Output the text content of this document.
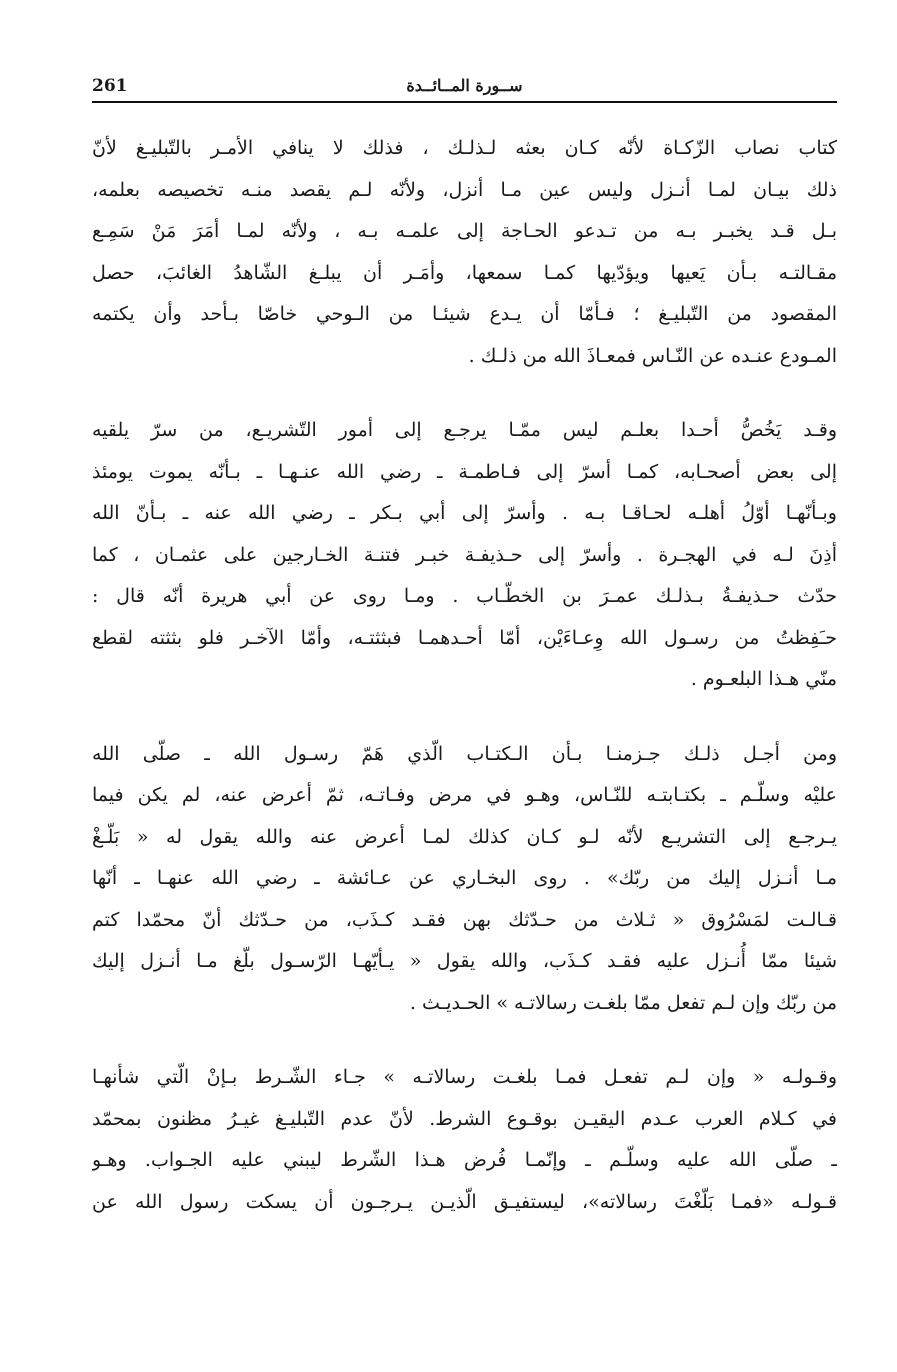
261	ســورة المــائــدة
كتاب نصاب الزّكـاة لأنّه كـان بعثه لـذلـك ، فذلك لا ينافي الأمـر بالتّبليـغ لأنّ
ذلك بيـان لمـا أنـزل وليس عين مـا أنزل، ولأنّه لـم يقصد منـه تخصيصه بعلمه،
بـل قـد يخبـر بـه من تـدعو الحـاجة إلى علمـه بـه ، ولأنّه لمـا أمَرَ مَنْ سَمِـع
مقـالتـه بـأن يَعيها ويؤدّيها كمـا سمعها، وأمَـر أن يبلـغ الشّاهدُ الغائبَ، حصل
المقصود من التّبليـغ ؛ فـأمّا أن يـدع شيئـا من الـوحي خاصّا بـأحد وأن يكتمه
المـودع عنـده عن النّـاس فمعـاذَ الله من ذلـك .
وقـد يَخُصُّ أحـدا بعلـم ليس ممّـا يرجـع إلى أمور التّشريـع، من سرّ يلقيه
إلى بعض أصحـابه، كمـا أسرّ إلى فـاطمـة ـ رضي الله عنـهـا ـ بـأنّه يموت يومئذ
وبـأنّهـا أوّلُ أهلـه لحـاقـا بـه . وأسرّ إلى أبي بـكر ـ رضي الله عنه ـ بـأنّ الله
أذِنَ لـه في الهجـرة . وأسرّ إلى حـذيفـة خبـر فتنـة الخـارجين على عثمـان ، كما
حدّث حـذيفـةُ بـذلـك عمـرَ بن الخطّـاب . ومـا روى عن أبي هريرة أنّه قال :
حـَفِظتُ من رسـول الله وِعـاءَيْن، أمّا أحـدهمـا فبثثتـه، وأمّا الآخـر فلو بثثته لقطع
منّي هـذا البلعـوم .
ومن أجـل ذلـك جـزمنـا بـأن الـكتـاب الّذي هَمّ رسـول الله ـ صلّى الله
عليْه وسلّـم ـ بكتـابتـه للنّـاس، وهـو في مرض وفـاتـه، ثمّ أعرض عنه، لم يكن فيما
يـرجـع إلى التشريـع لأنّه لـو كـان كذلك لمـا أعرض عنه والله يقول له « بَلّـغْ
مـا أنـزل إليك من ربّك» . روى البخـاري عن عـائشة ـ رضي الله عنهـا ـ أنّها
قـالـت لمَسْرُوق « ثـلاث من حـدّثك بهن فقـد كـذَب، من حـدّثك أنّ محمّدا كتم
شيئا ممّا أُنـزل عليه فقـد كـذَب، والله يقول « يـأيّهـا الرّسـول بلّغ مـا أنـزل إليك
من ربّك وإن لـم تفعل ممّا بلغـت رسالاتـه » الحـديـث .
وقـولـه « وإن لـم تفعـل فمـا بلغـت رسالاتـه » جـاء الشّـرط بـإنْ الّتي شأنهـا
في كـلام العرب عـدم اليقيـن بوقـوع الشرط. لأنّ عدم التّبليـغ غيـرُ مظنون بمحمّد
ـ صلّى الله عليه وسلّـم ـ وإنّمـا فُرض هـذا الشّرط ليبني عليه الجـواب. وهـو
قـولـه «فمـا بَلّغْتَ رسالاته»، ليستفيـق الّذيـن يـرجـون أن يسكت رسول الله عن
